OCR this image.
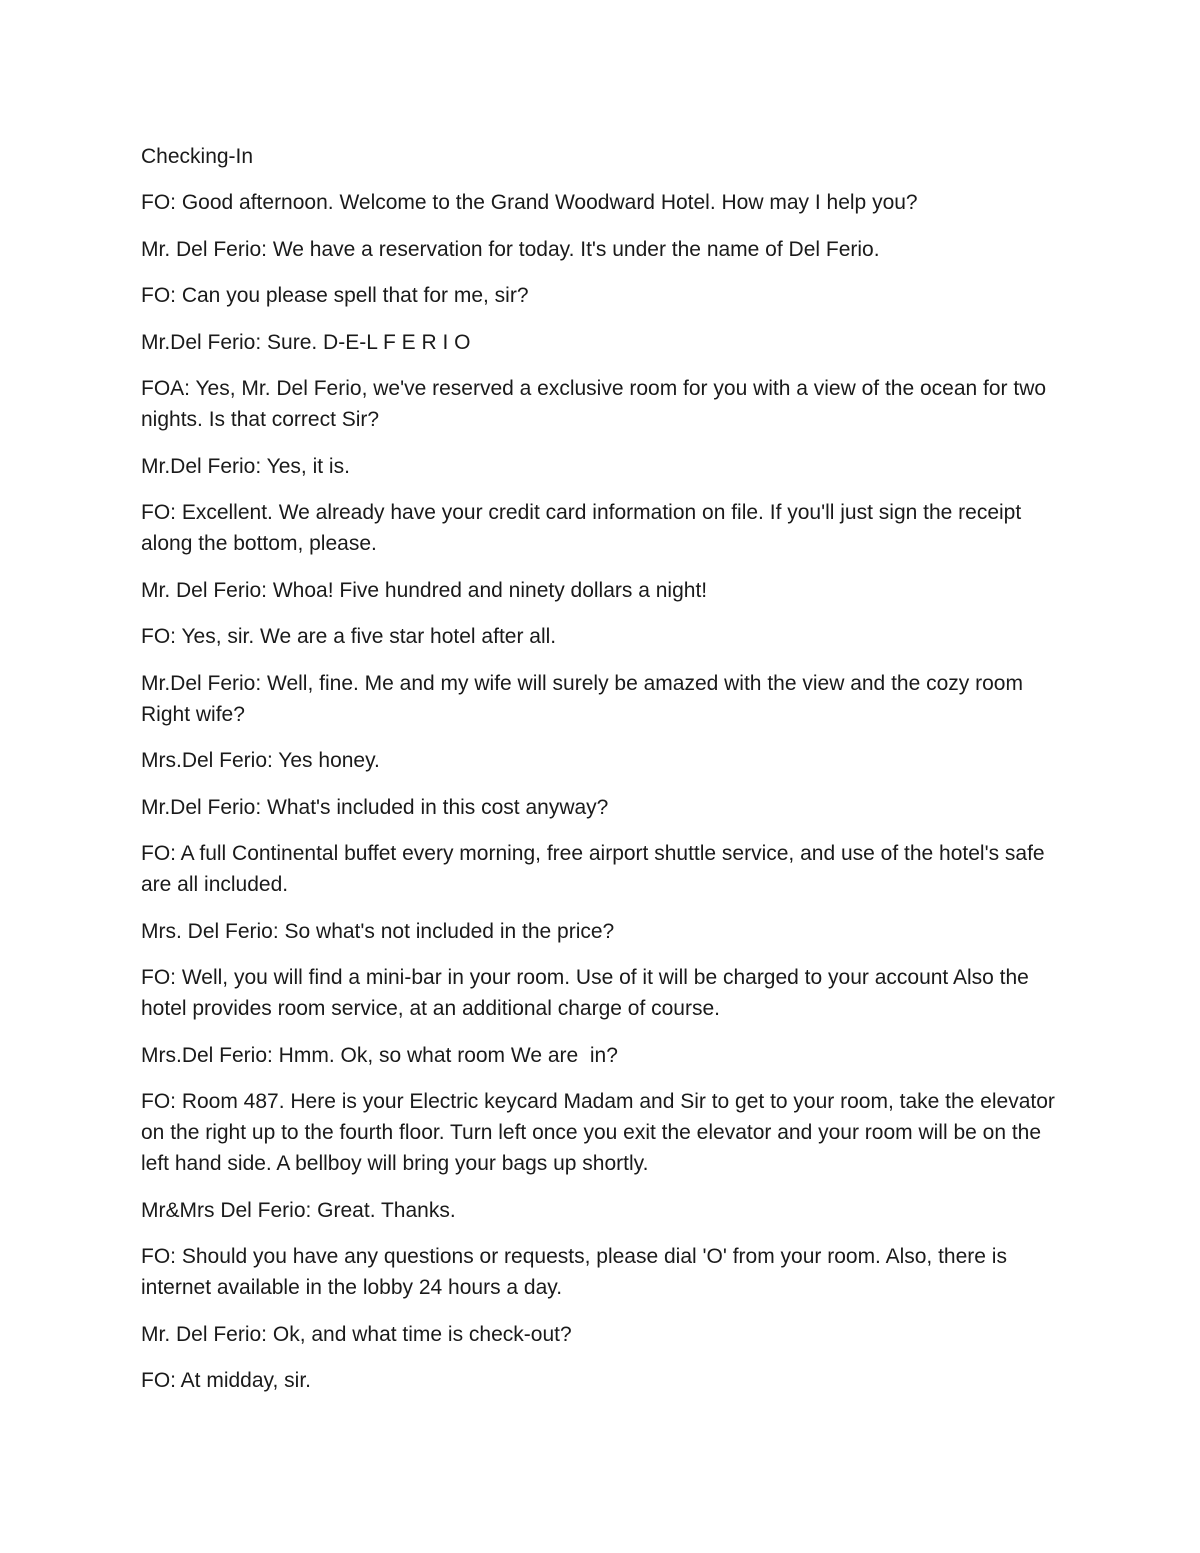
Checking-In

FO: Good afternoon. Welcome to the Grand Woodward Hotel. How may I help you?

Mr. Del Ferio: We have a reservation for today. It's under the name of Del Ferio.

FO: Can you please spell that for me, sir?

Mr.Del Ferio: Sure. D-E-L F E R I O

FOA: Yes, Mr. Del Ferio, we've reserved a exclusive room for you with a view of the ocean for two nights. Is that correct Sir?

Mr.Del Ferio: Yes, it is.

FO: Excellent. We already have your credit card information on file. If you'll just sign the receipt along the bottom, please.

Mr. Del Ferio: Whoa! Five hundred and ninety dollars a night!

FO: Yes, sir. We are a five star hotel after all.

Mr.Del Ferio: Well, fine. Me and my wife will surely be amazed with the view and the cozy room Right wife?

Mrs.Del Ferio: Yes honey.

Mr.Del Ferio: What's included in this cost anyway?

FO: A full Continental buffet every morning, free airport shuttle service, and use of the hotel's safe are all included.

Mrs. Del Ferio: So what's not included in the price?

FO: Well, you will find a mini-bar in your room. Use of it will be charged to your account Also the hotel provides room service, at an additional charge of course.

Mrs.Del Ferio: Hmm. Ok, so what room We are  in?

FO: Room 487. Here is your Electric keycard Madam and Sir to get to your room, take the elevator on the right up to the fourth floor. Turn left once you exit the elevator and your room will be on the left hand side. A bellboy will bring your bags up shortly.

Mr&Mrs Del Ferio: Great. Thanks.

FO: Should you have any questions or requests, please dial 'O' from your room. Also, there is internet available in the lobby 24 hours a day.

Mr. Del Ferio: Ok, and what time is check-out?

FO: At midday, sir.
